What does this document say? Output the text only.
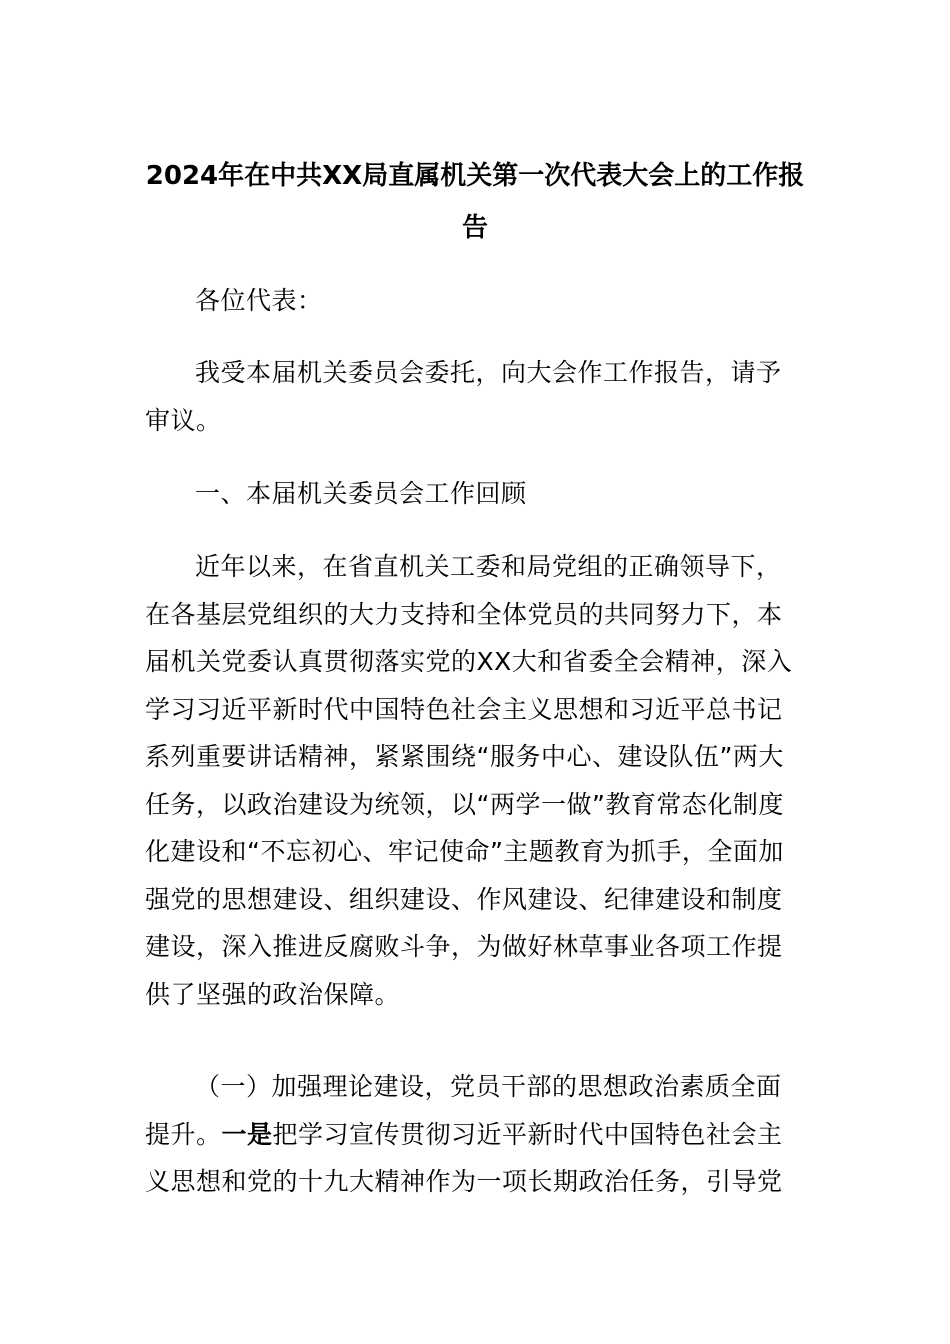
2024年在中共XX局直属机关第一次代表大会上的工作报告

各位代表：

我受本届机关委员会委托，向大会作工作报告，请予审议。

一、本届机关委员会工作回顾

近年以来，在省直机关工委和局党组的正确领导下，在各基层党组织的大力支持和全体党员的共同努力下，本届机关党委认真贯彻落实党的XX大和省委全会精神，深入学习习近平新时代中国特色社会主义思想和习近平总书记系列重要讲话精神，紧紧围绕“服务中心、建设队伍”两大任务，以政治建设为统领，以“两学一做”教育常态化制度化建设和“不忘初心、牢记使命”主题教育为抓手，全面加强党的思想建设、组织建设、作风建设、纪律建设和制度建设，深入推进反腐败斗争，为做好林草事业各项工作提供了坚强的政治保障。

（一）加强理论建设，党员干部的思想政治素质全面提升。一是把学习宣传贯彻习近平新时代中国特色社会主义思想和党的十九大精神作为一项长期政治任务，引导党
